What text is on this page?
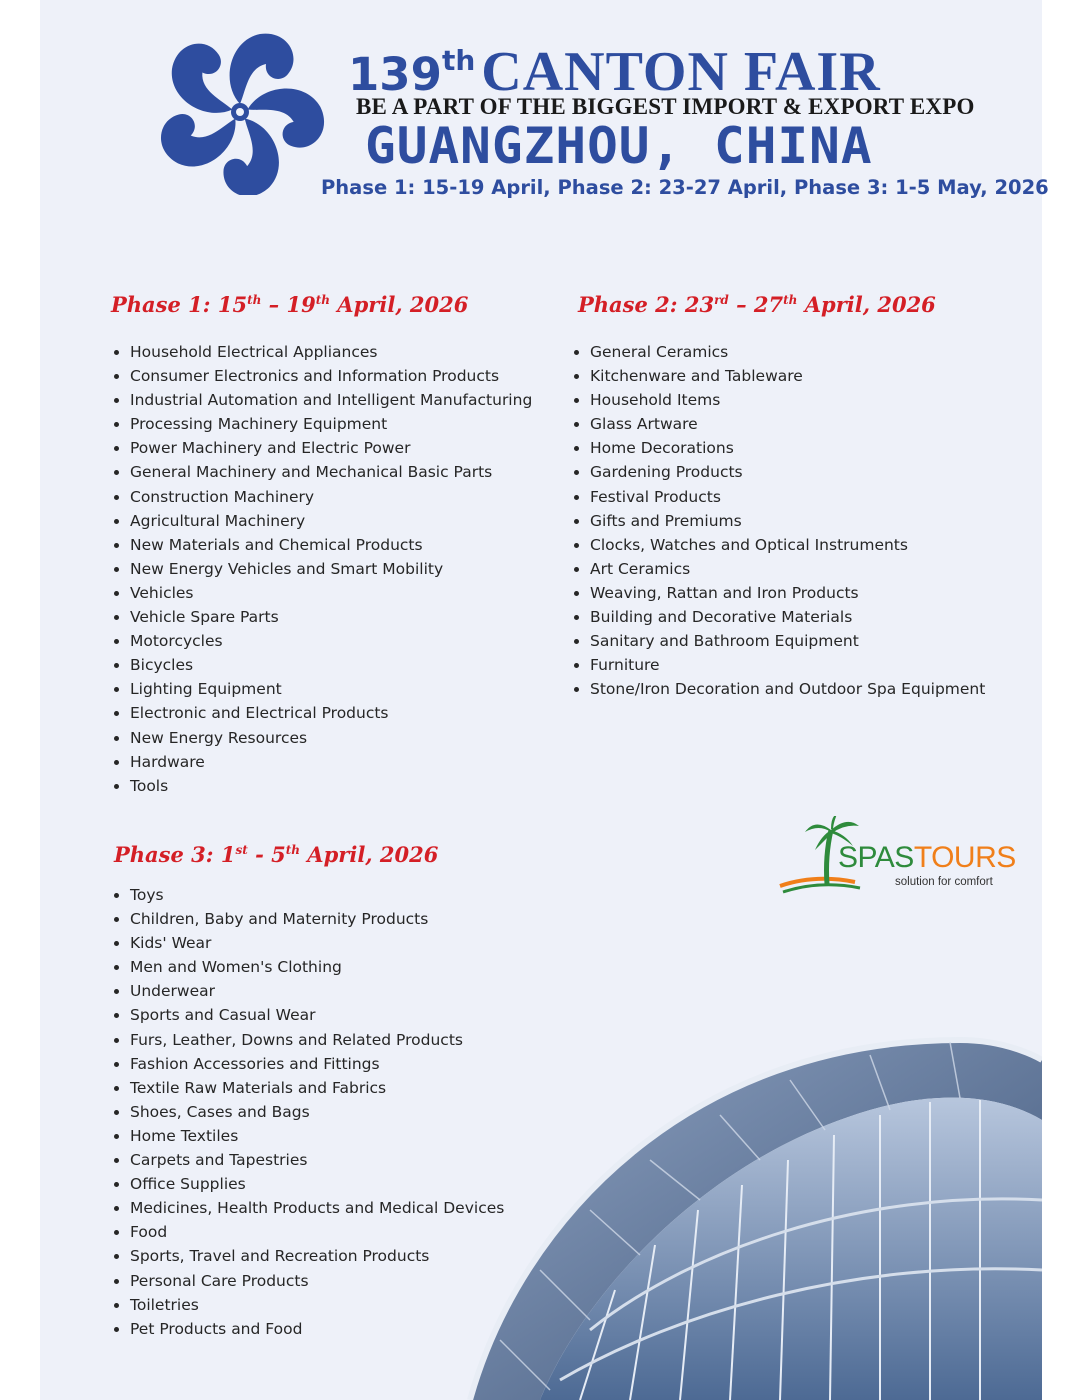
139th CANTON FAIR
BE A PART OF THE BIGGEST IMPORT & EXPORT EXPO
GUANGZHOU, CHINA
Phase 1: 15-19 April, Phase 2: 23-27 April, Phase 3: 1-5 May, 2026
Phase 1: 15th – 19th April, 2026
Household Electrical Appliances
Consumer Electronics and Information Products
Industrial Automation and Intelligent Manufacturing
Processing Machinery Equipment
Power Machinery and Electric Power
General Machinery and Mechanical Basic Parts
Construction Machinery
Agricultural Machinery
New Materials and Chemical Products
New Energy Vehicles and Smart Mobility
Vehicles
Vehicle Spare Parts
Motorcycles
Bicycles
Lighting Equipment
Electronic and Electrical Products
New Energy Resources
Hardware
Tools
Phase 2: 23rd – 27th April, 2026
General Ceramics
Kitchenware and Tableware
Household Items
Glass Artware
Home Decorations
Gardening Products
Festival Products
Gifts and Premiums
Clocks, Watches and Optical Instruments
Art Ceramics
Weaving, Rattan and Iron Products
Building and Decorative Materials
Sanitary and Bathroom Equipment
Furniture
Stone/Iron Decoration and Outdoor Spa Equipment
Phase 3: 1st - 5th April, 2026
Toys
Children, Baby and Maternity Products
Kids' Wear
Men and Women's Clothing
Underwear
Sports and Casual Wear
Furs, Leather, Downs and Related Products
Fashion Accessories and Fittings
Textile Raw Materials and Fabrics
Shoes, Cases and Bags
Home Textiles
Carpets and Tapestries
Office Supplies
Medicines, Health Products and Medical Devices
Food
Sports, Travel and Recreation Products
Personal Care Products
Toiletries
Pet Products and Food
SPASTOURS
solution for comfort
